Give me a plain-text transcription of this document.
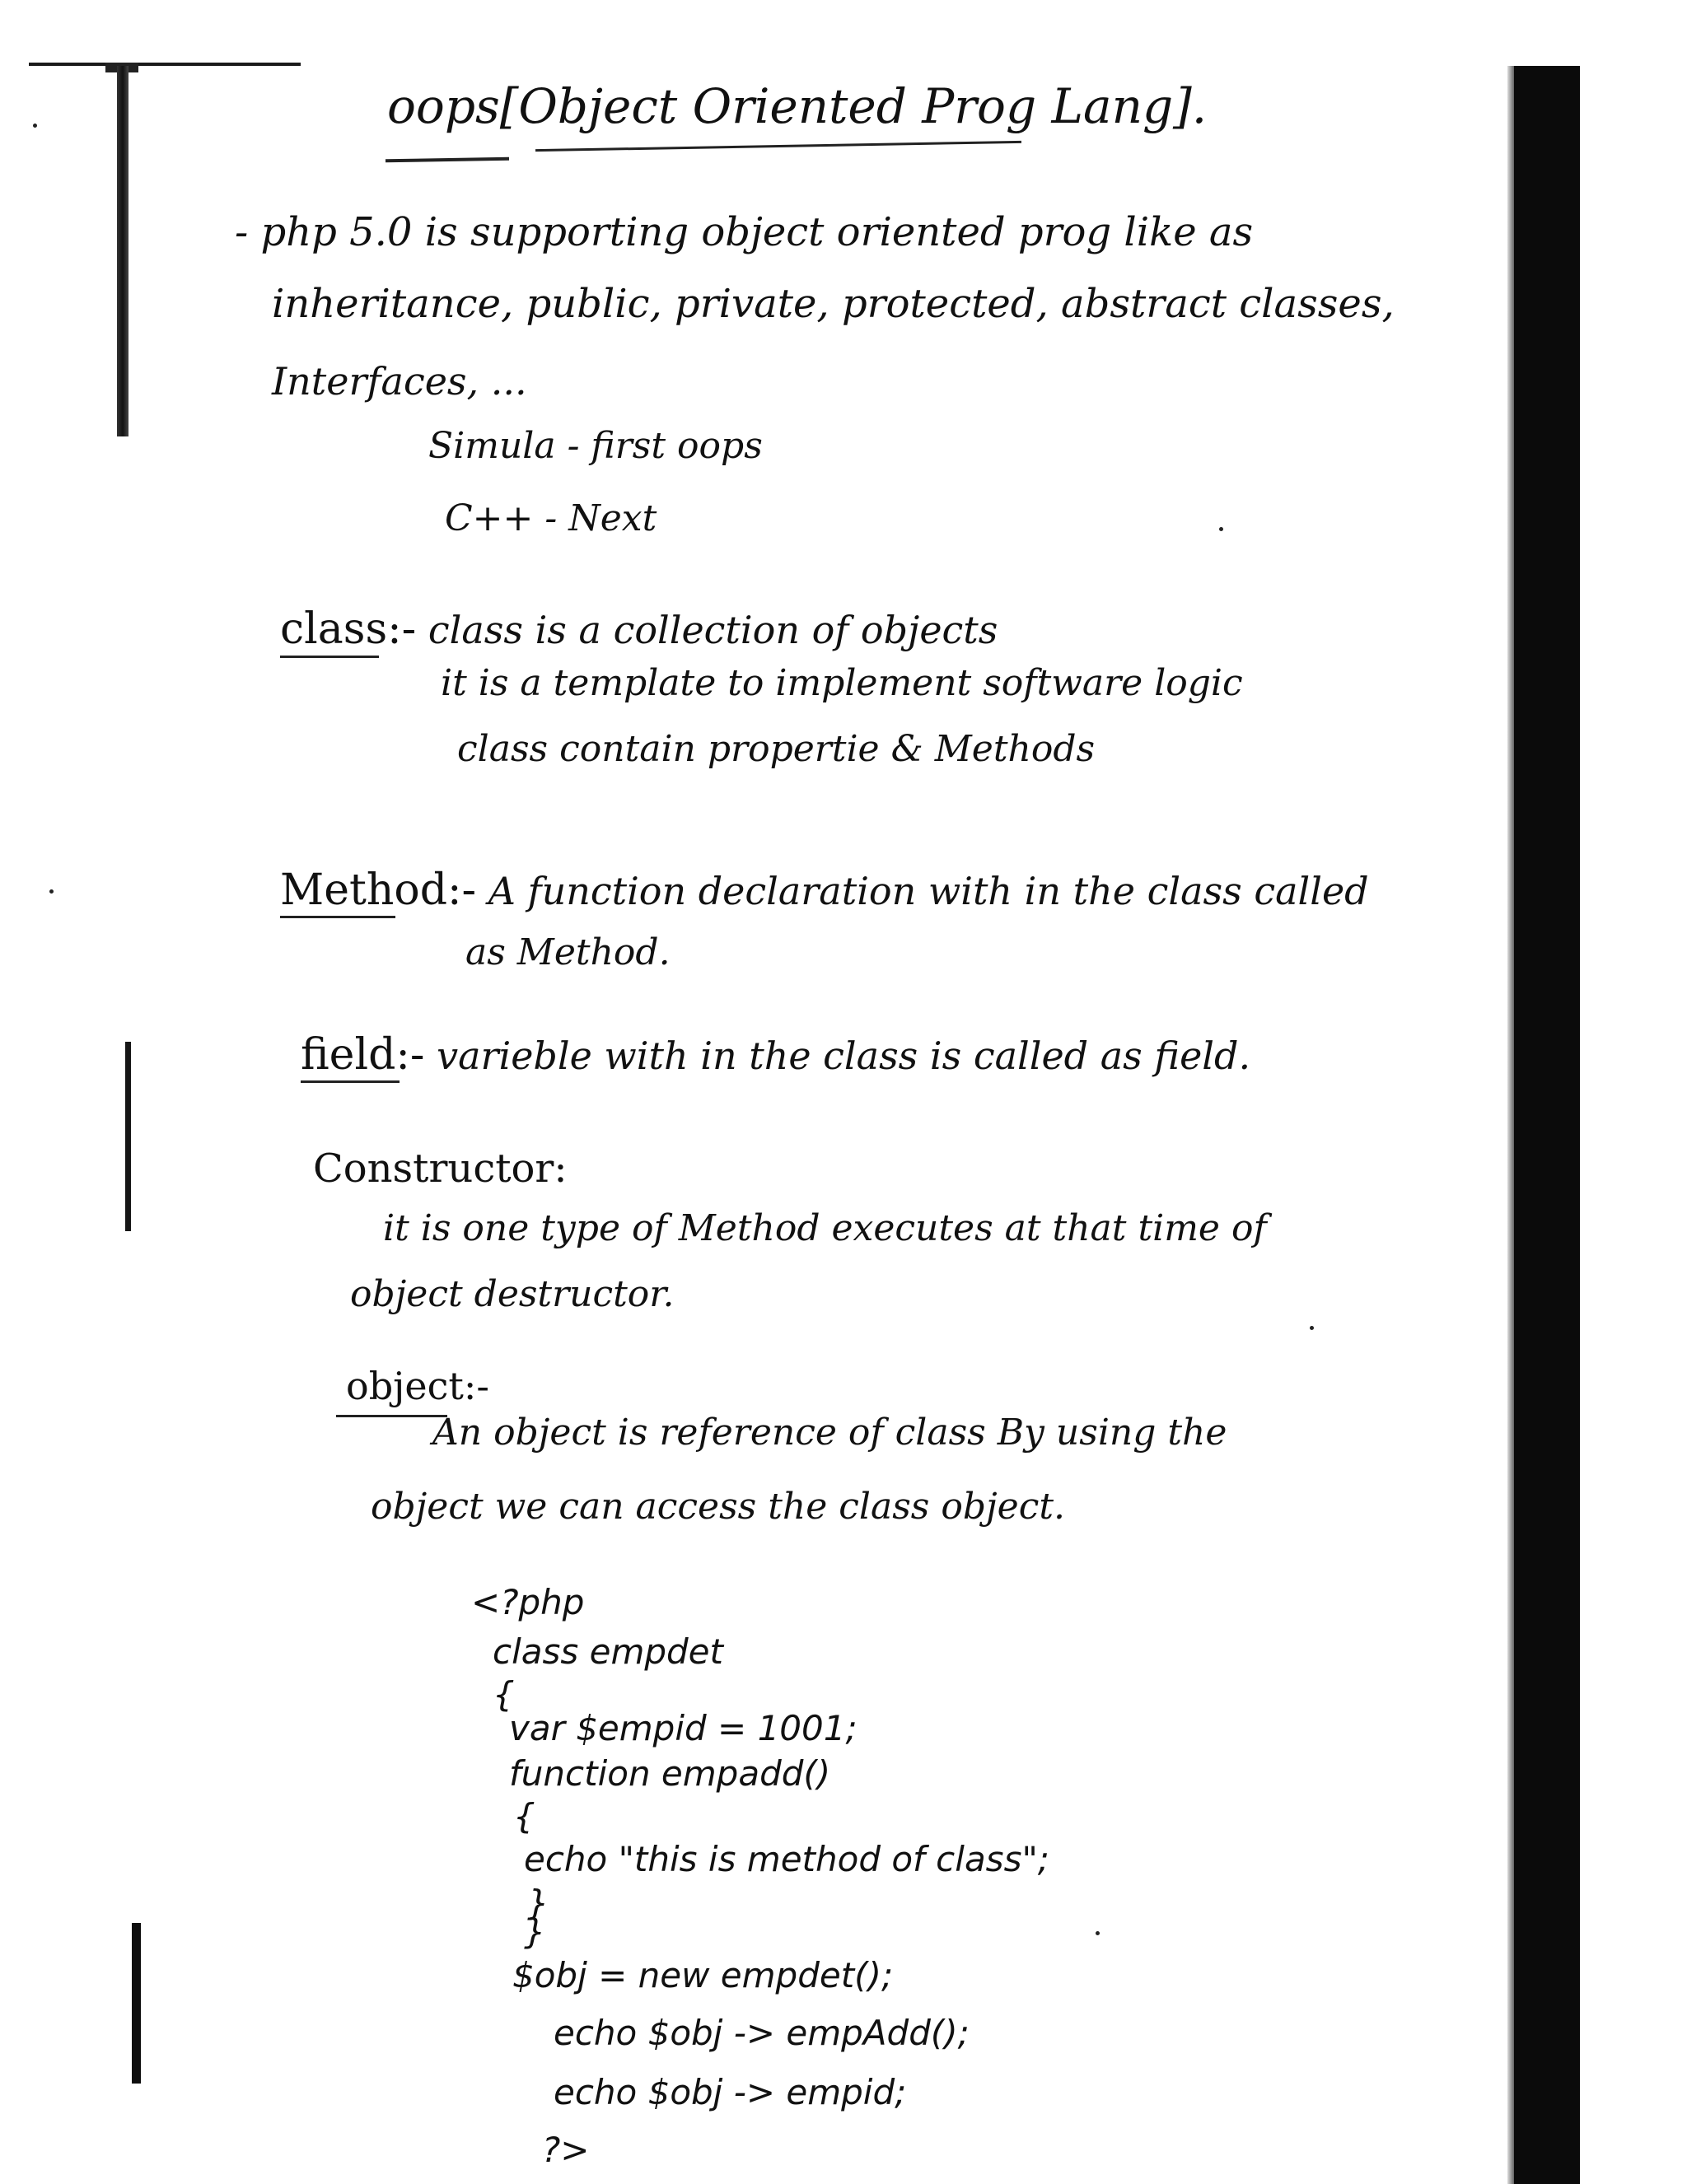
oops[Object Oriented Prog Lang].
- php 5.0 is supporting object oriented prog like as
inheritance, public, private, protected, abstract classes,
Interfaces, ...
Simula - first oops
C++ - Next
class:- class is a collection of objects
it is a template to implement software logic
class contain propertie & Methods
Method:- A function declaration with in the class called
as Method.
field:- varieble with in the class is called as field.
Constructor:
it is one type of Method executes at that time of
object destructor.
object:-
An object is reference of class By using the
object we can access the class object.
<?php
class empdet
{
var $empid = 1001;
function empadd()
{
echo "this is method of class";
}
}
$obj = new empdet();
echo $obj -> empAdd();
echo $obj -> empid;
?>
